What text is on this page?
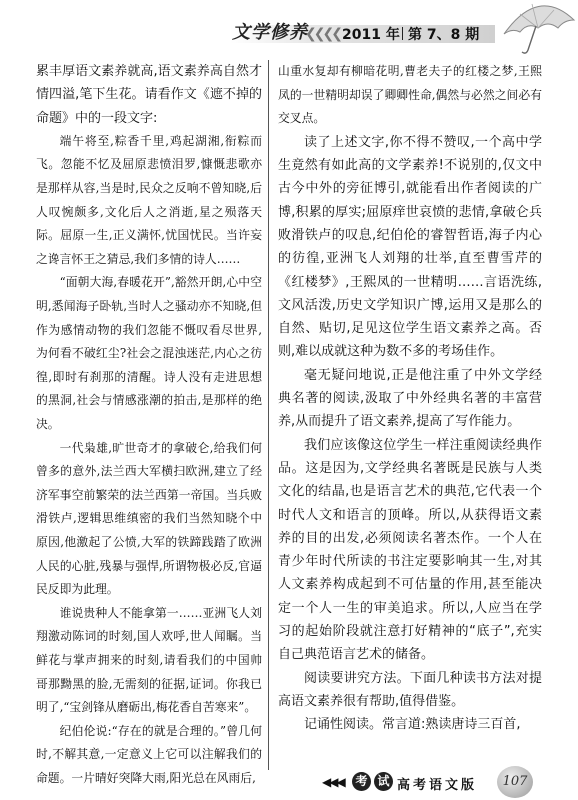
文学修养
❮❮❮❮ 2011 年 第 7、8 期

累丰厚语文素养就高,语文素养高自然才情四溢,笔下生花。请看作文《遮不掉的命题》中的一段文字:

端午将至,粽香千里,鸡起湖湘,衔粽而飞。忽能不忆及屈原悲愤泪罗,慷慨悲歌亦是那样从容,当是时,民众之反响不曾知晓,后人叹惋颇多,文化后人之消逝,星之殒落天际。屈原一生,正义满怀,忧国忧民。当许妄之谗言怀王之猜忌,我们多情的诗人……

“面朝大海,春暖花开”,豁然开朗,心中空明,悉闻海子卧轨,当时人之骚动亦不知晓,但作为感情动物的我们忽能不慨叹看尽世界,为何看不破红尘?社会之混浊迷茫,内心之彷徨,即时有刹那的清醒。诗人没有走进思想的黑洞,社会与情感涨潮的拍击,是那样的绝决。

一代枭雄,旷世奇才的拿破仑,给我们何曾多的意外,法兰西大军横扫欧洲,建立了经济军事空前繁荣的法兰西第一帝国。当兵败滑铁卢,逻辑思维缜密的我们当然知晓个中原因,他激起了公愤,大军的铁蹄践踏了欧洲人民的心脏,残暴与强悍,所谓物极必反,官逼民反即为此理。

谁说贵种人不能拿第一……亚洲飞人刘翔激动陈词的时刻,国人欢呼,世人闻瞩。当鲜花与掌声拥来的时刻,请看我们的中国帅哥那黝黑的脸,无需刻的征据,证词。你我已明了,“宝剑锋从磨砺出,梅花香自苦寒来”。

纪伯伦说:“存在的就是合理的。”曾几何时,不解其意,一定意义上它可以注解我们的命题。一片晴好突降大雨,阳光总在风雨后,

山重水复却有柳暗花明,曹老夫子的红楼之梦,王熙凤的一世精明却误了卿卿性命,偶然与必然之间必有交叉点。

读了上述文字,你不得不赞叹,一个高中学生竟然有如此高的文学素养!不说别的,仅文中古今中外的旁征博引,就能看出作者阅读的广博,积累的厚实;屈原痒世哀愤的悲情,拿破仑兵败滑铁卢的叹息,纪伯伦的睿智哲语,海子内心的彷徨,亚洲飞人刘翔的壮举,直至曹雪芹的《红楼梦》,王熙凤的一世精明……言语洗练,文风活泼,历史文学知识广博,运用又是那么的自然、贴切,足见这位学生语文素养之高。否则,难以成就这种为数不多的考场佳作。

毫无疑问地说,正是他注重了中外文学经典名著的阅读,汲取了中外经典名著的丰富营养,从而提升了语文素养,提高了写作能力。

我们应该像这位学生一样注重阅读经典作品。这是因为,文学经典名著既是民族与人类文化的结晶,也是语言艺术的典范,它代表一个时代人文和语言的顶峰。所以,从获得语文素养的目的出发,必须阅读名著杰作。一个人在青少年时代所读的书注定要影响其一生,对其人文素养构成起到不可估量的作用,甚至能决定一个人一生的审美追求。所以,人应当在学习的起始阶段就注意打好精神的“底子”,充实自己典范语言艺术的储备。

阅读要讲究方法。下面几种读书方法对提高语文素养很有帮助,值得借鉴。

记诵性阅读。常言道:熟读唐诗三百首,

◀◀◀ 考 试 高考语文版	107
